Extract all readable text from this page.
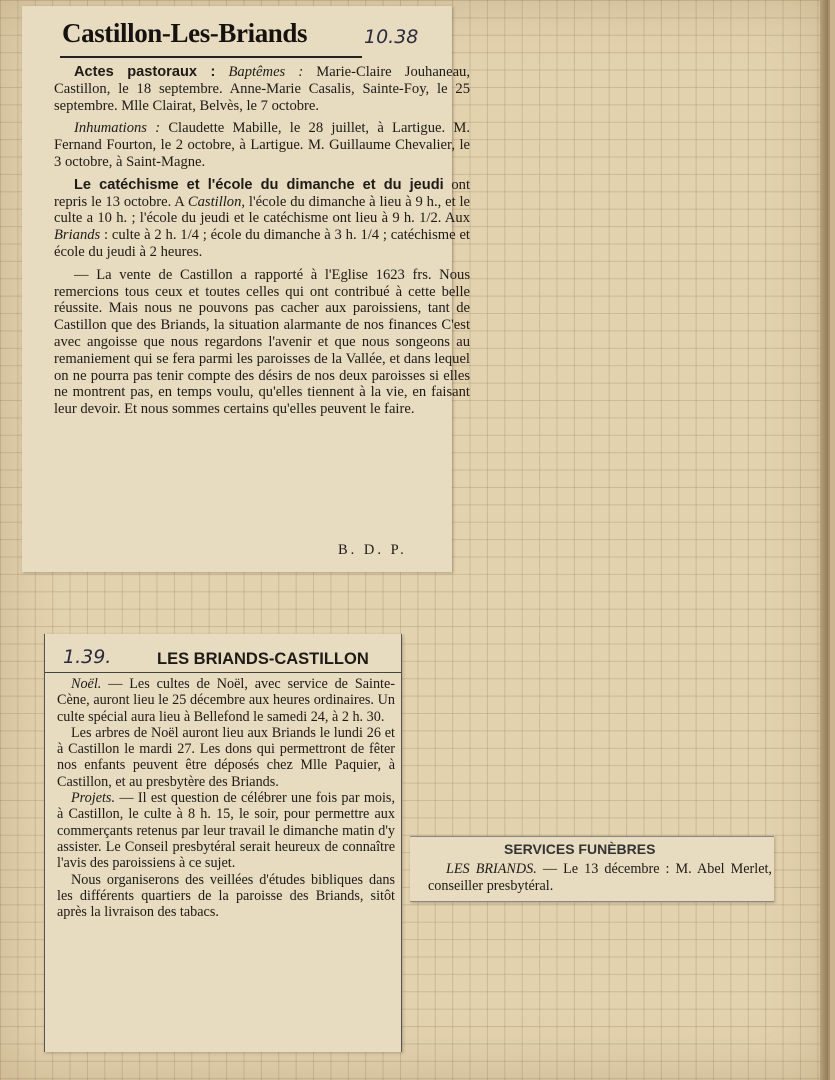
Castillon-Les-Briands	10.38

Actes pastoraux : Baptêmes : Marie-Claire Jouhaneau, Castillon, le 18 septembre. Anne-Marie Casalis, Sainte-Foy, le 25 septembre. Mlle Clairat, Belvès, le 7 octobre.

Inhumations : Claudette Mabille, le 28 juillet, à Lartigue. M. Fernand Fourton, le 2 octobre, à Lartigue. M. Guillaume Chevalier, le 3 octobre, à Saint-Magne.

Le catéchisme et l'école du dimanche et du jeudi ont repris le 13 octobre. A Castillon, l'école du dimanche à lieu à 9 h., et le culte a 10 h. ; l'école du jeudi et le catéchisme ont lieu à 9 h. 1/2. Aux Briands : culte à 2 h. 1/4 ; école du dimanche à 3 h. 1/4 ; catéchisme et école du jeudi à 2 heures.

— La vente de Castillon a rapporté à l'Eglise 1623 frs. Nous remercions tous ceux et toutes celles qui ont contribué à cette belle réussite. Mais nous ne pouvons pas cacher aux paroissiens, tant de Castillon que des Briands, la situation alarmante de nos finances C'est avec angoisse que nous regardons l'avenir et que nous songeons au remaniement qui se fera parmi les paroisses de la Vallée, et dans lequel on ne pourra pas tenir compte des désirs de nos deux paroisses si elles ne montrent pas, en temps voulu, qu'elles tiennent à la vie, en faisant leur devoir. Et nous sommes certains qu'elles peuvent le faire.

B. D. P.
1.39.	LES BRIANDS-CASTILLON

Noël. — Les cultes de Noël, avec service de Sainte-Cène, auront lieu le 25 décembre aux heures ordinaires. Un culte spécial aura lieu à Bellefond le samedi 24, à 2 h. 30.

Les arbres de Noël auront lieu aux Briands le lundi 26 et à Castillon le mardi 27. Les dons qui permettront de fêter nos enfants peuvent être déposés chez Mlle Paquier, à Castillon, et au presbytère des Briands.

Projets. — Il est question de célébrer une fois par mois, à Castillon, le culte à 8 h. 15, le soir, pour permettre aux commerçants retenus par leur travail le dimanche matin d'y assister. Le Conseil presbytéral serait heureux de connaître l'avis des paroissiens à ce sujet.

Nous organiserons des veillées d'études bibliques dans les différents quartiers de la paroisse des Briands, sitôt après la livraison des tabacs.

SERVICES FUNÈBRES

LES BRIANDS. — Le 13 décembre : M. Abel Merlet, conseiller presbytéral.
